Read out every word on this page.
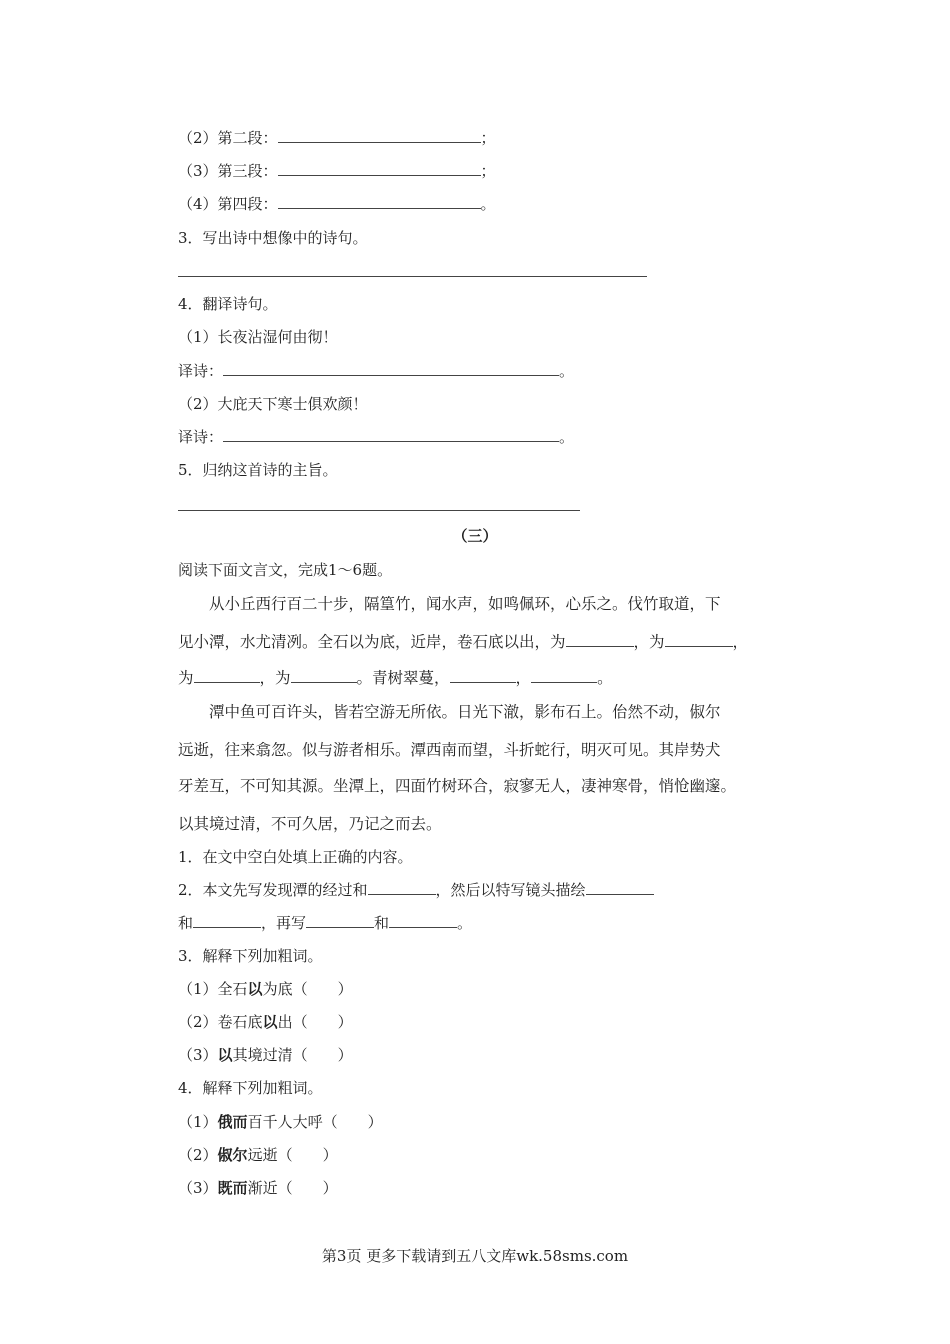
（2）第二段：	；
（3）第三段：	；
（4）第四段：	。
3．写出诗中想像中的诗句。
4．翻译诗句。
（1）长夜沾湿何由彻！
译诗：	。
（2）大庇天下寒士俱欢颜！
译诗：	。
5．归纳这首诗的主旨。
（三）
阅读下面文言文，完成1～6题。
从小丘西行百二十步，隔篁竹，闻水声，如鸣佩环，心乐之。伐竹取道，下
见小潭，水尤清冽。全石以为底，近岸，卷石底以出，为	，为	，
为	，为	。青树翠蔓，	，	。
潭中鱼可百许头，皆若空游无所依。日光下澈，影布石上。佁然不动，俶尔
远逝，往来翕忽。似与游者相乐。潭西南而望，斗折蛇行，明灭可见。其岸势犬
牙差互，不可知其源。坐潭上，四面竹树环合，寂寥无人，凄神寒骨，悄怆幽邃。
以其境过清，不可久居，乃记之而去。
1．在文中空白处填上正确的内容。
2．本文先写发现潭的经过和	，然后以特写镜头描绘
和	，再写	和	。
3．解释下列加粗词。
（1）全石以为底（　　）
（2）卷石底以出（　　）
（3）以其境过清（　　）
4．解释下列加粗词。
（1）俄而百千人大呼（　　）
（2）俶尔远逝（　　）
（3）既而渐近（　　）
第3页 更多下载请到五八文库wk.58sms.com
